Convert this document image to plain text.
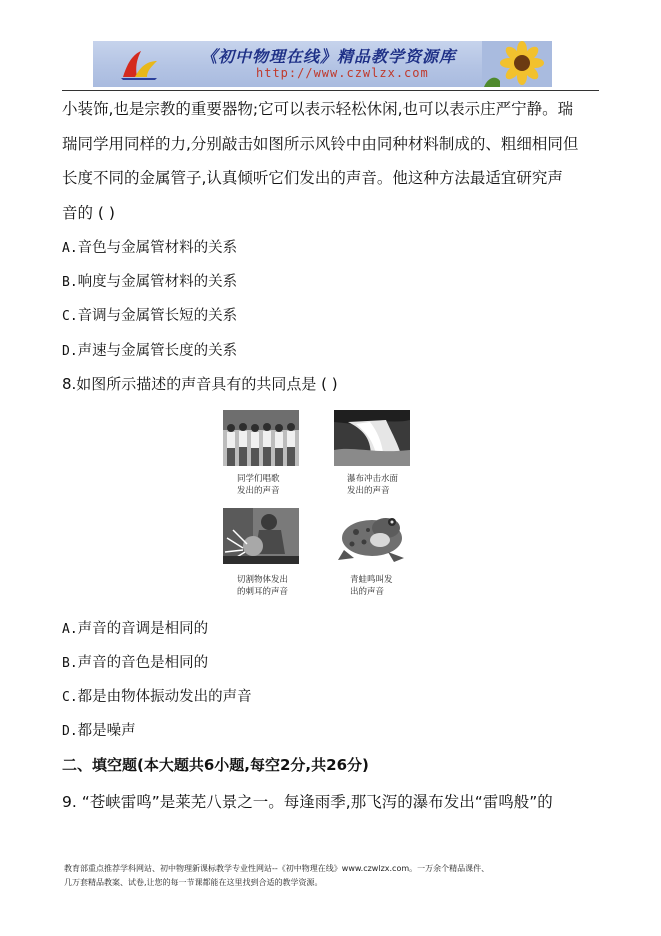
《初中物理在线》精品教学资源库
http://www.czwlzx.com
小装饰,也是宗教的重要器物;它可以表示轻松休闲,也可以表示庄严宁静。瑞
瑞同学用同样的力,分别敲击如图所示风铃中由同种材料制成的、粗细相同但
长度不同的金属管子,认真倾听它们发出的声音。他这种方法最适宜研究声
音的 ( )
A.音色与金属管材料的关系
B.响度与金属管材料的关系
C.音调与金属管长短的关系
D.声速与金属管长度的关系
8.如图所示描述的声音具有的共同点是 ( )
同学们唱歌
发出的声音
瀑布冲击水面
发出的声音
切割物体发出
的刺耳的声音
青蛙鸣叫发
出的声音
A.声音的音调是相同的
B.声音的音色是相同的
C.都是由物体振动发出的声音
D.都是噪声
二、填空题(本大题共6小题,每空2分,共26分)
9. “苍峡雷鸣”是莱芜八景之一。每逢雨季,那飞泻的瀑布发出“雷鸣般”的
教育部重点推荐学科网站、初中物理新课标教学专业性网站--《初中物理在线》www.czwlzx.com。一万余个精品课件、
几万套精品教案、试卷,让您的每一节课都能在这里找到合适的教学资源。
